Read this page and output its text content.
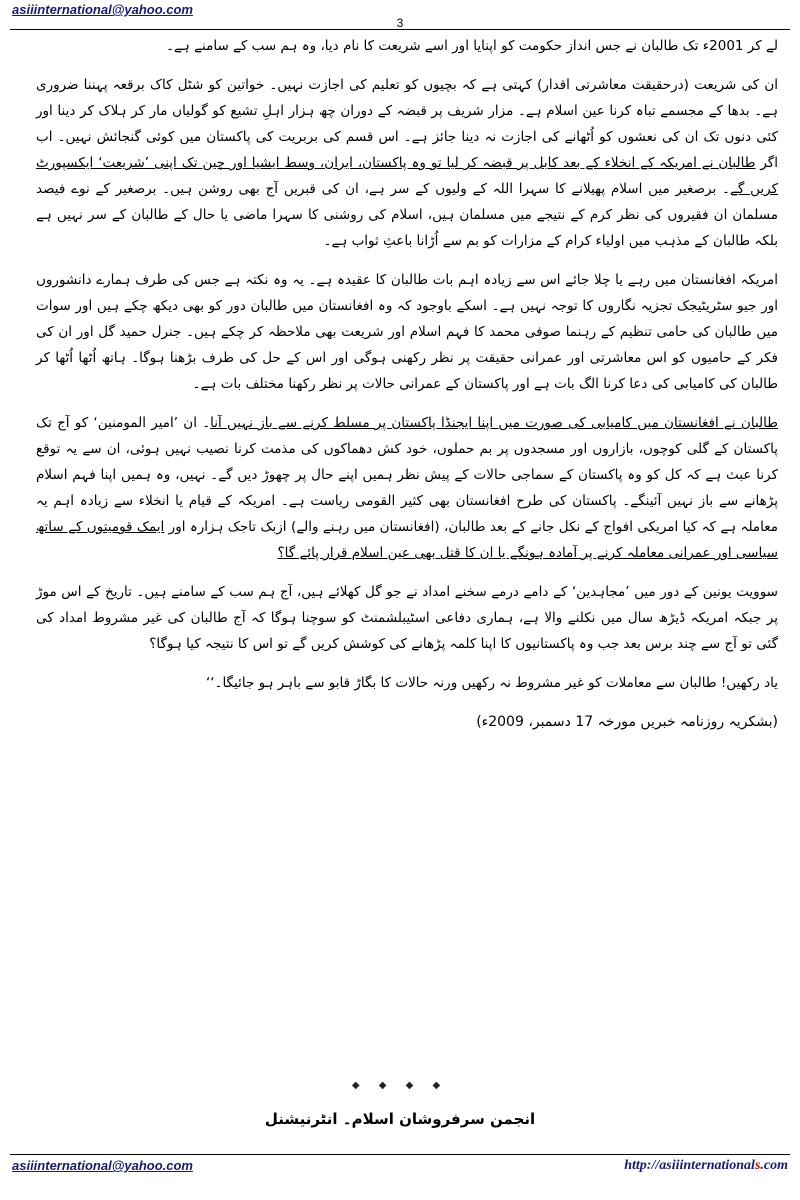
asiiinternational@yahoo.com
3

لے کر 2001ء تک طالبان نے جس انداز حکومت کو اپنایا اور اسے شریعت کا نام دیا، وہ ہم سب کے سامنے ہے۔

ان کی شریعت (درحقیقت معاشرتی اقدار) کہتی ہے کہ بچیوں کو تعلیم کی اجازت نہیں۔ خواتین کو شٹل کاک برقعہ پہننا ضروری ہے۔ بدھا کے مجسمے تباہ کرنا عین اسلام ہے۔ مزار شریف پر قبضہ کے دوران چھ ہزار اہلِ تشیع کو گولیاں مار کر ہلاک کر دینا اور کئی دنوں تک ان کی نعشوں کو اُٹھانے کی اجازت نہ دینا جائز ہے۔ اس قسم کی بربریت کی پاکستان میں کوئی گنجائش نہیں۔ اب اگر طالبان نے امریکہ کے انخلاء کے بعد کابل پر قبضہ کر لیا تو وہ پاکستان، ایران، وسط ایشیا اور چین تک اپنی ’شریعت‘ ایکسپورٹ کریں گے۔ برصغیر میں اسلام پھیلانے کا سہرا اللہ کے ولیوں کے سر ہے، ان کی قبریں آج بھی روشن ہیں۔ برصغیر کے نوے فیصد مسلمان ان فقیروں کی نظر کرم کے نتیجے میں مسلمان ہیں، اسلام کی روشنی کا سہرا ماضی یا حال کے طالبان کے سر نہیں ہے بلکہ طالبان کے مذہب میں اولیاء کرام کے مزارات کو بم سے اُڑانا باعثِ ثواب ہے۔

امریکہ افغانستان میں رہے یا چلا جائے اس سے زیادہ اہم بات طالبان کا عقیدہ ہے۔ یہ وہ نکتہ ہے جس کی طرف ہمارے دانشوروں اور جیو سٹریٹیجک تجزیہ نگاروں کا توجہ نہیں ہے۔ اسکے باوجود کہ وہ افغانستان میں طالبان دور کو بھی دیکھ چکے ہیں اور سوات میں طالبان کی حامی تنظیم کے رہنما صوفی محمد کا فہم اسلام اور شریعت بھی ملاحظہ کر چکے ہیں۔ جنرل حمید گل اور ان کی فکر کے حامیوں کو اس معاشرتی اور عمرانی حقیقت پر نظر رکھنی ہوگی اور اس کے حل کی طرف بڑھنا ہوگا۔ ہاتھ اُٹھا اُٹھا کر طالبان کی کامیابی کی دعا کرنا الگ بات ہے اور پاکستان کے عمرانی حالات پر نظر رکھنا مختلف بات ہے۔

طالبان نے افغانستان میں کامیابی کی صورت میں اپنا ایجنڈا پاکستان پر مسلط کرنے سے باز نہیں آنا۔ ان ’امیر المومنین‘ کو آج تک پاکستان کے گلی کوچوں، بازاروں اور مسجدوں پر بم حملوں، خود کش دھماکوں کی مذمت کرنا نصیب نہیں ہوئی، ان سے یہ توقع کرنا عبث ہے کہ کل کو وہ پاکستان کے سماجی حالات کے پیش نظر ہمیں اپنے حال پر چھوڑ دیں گے۔ نہیں، وہ ہمیں اپنا فہم اسلام پڑھانے سے باز نہیں آئینگے۔ پاکستان کی طرح افغانستان بھی کثیر القومی ریاست ہے۔ امریکہ کے قیام یا انخلاء سے زیادہ اہم یہ معاملہ ہے کہ کیا امریکی افواج کے نکل جانے کے بعد طالبان، (افغانستان میں رہنے والے) ازبک تاجک ہزارہ اور ایمک قومیتوں کے ساتھ سیاسی اور عمرانی معاملہ کرنے پر آمادہ ہونگے یا ان کا قتل بھی عین اسلام قرار پائے گا؟

سوویت یونین کے دور میں ’مجاہدین‘ کے دامے درمے سخنے امداد نے جو گل کھلائے ہیں، آج ہم سب کے سامنے ہیں۔ تاریخ کے اس موڑ پر جبکہ امریکہ ڈیڑھ سال میں نکلنے والا ہے، ہماری دفاعی اسٹیبلشمنٹ کو سوچنا ہوگا کہ آج طالبان کی غیر مشروط امداد کی گئی تو آج سے چند برس بعد جب وہ پاکستانیوں کا اپنا کلمہ پڑھانے کی کوشش کریں گے تو اس کا نتیجہ کیا ہوگا؟

یاد رکھیں! طالبان سے معاملات کو غیر مشروط نہ رکھیں ورنہ حالات کا بگاڑ قابو سے باہر ہو جائیگا۔‘‘

(بشکریہ روزنامہ خبریں مورخہ 17 دسمبر، 2009ء)

◆ ◆ ◆ ◆
انجمن سرفروشان اسلام۔ انٹرنیشنل
asiiinternational@yahoo.com	http://asiiinternationals.com
